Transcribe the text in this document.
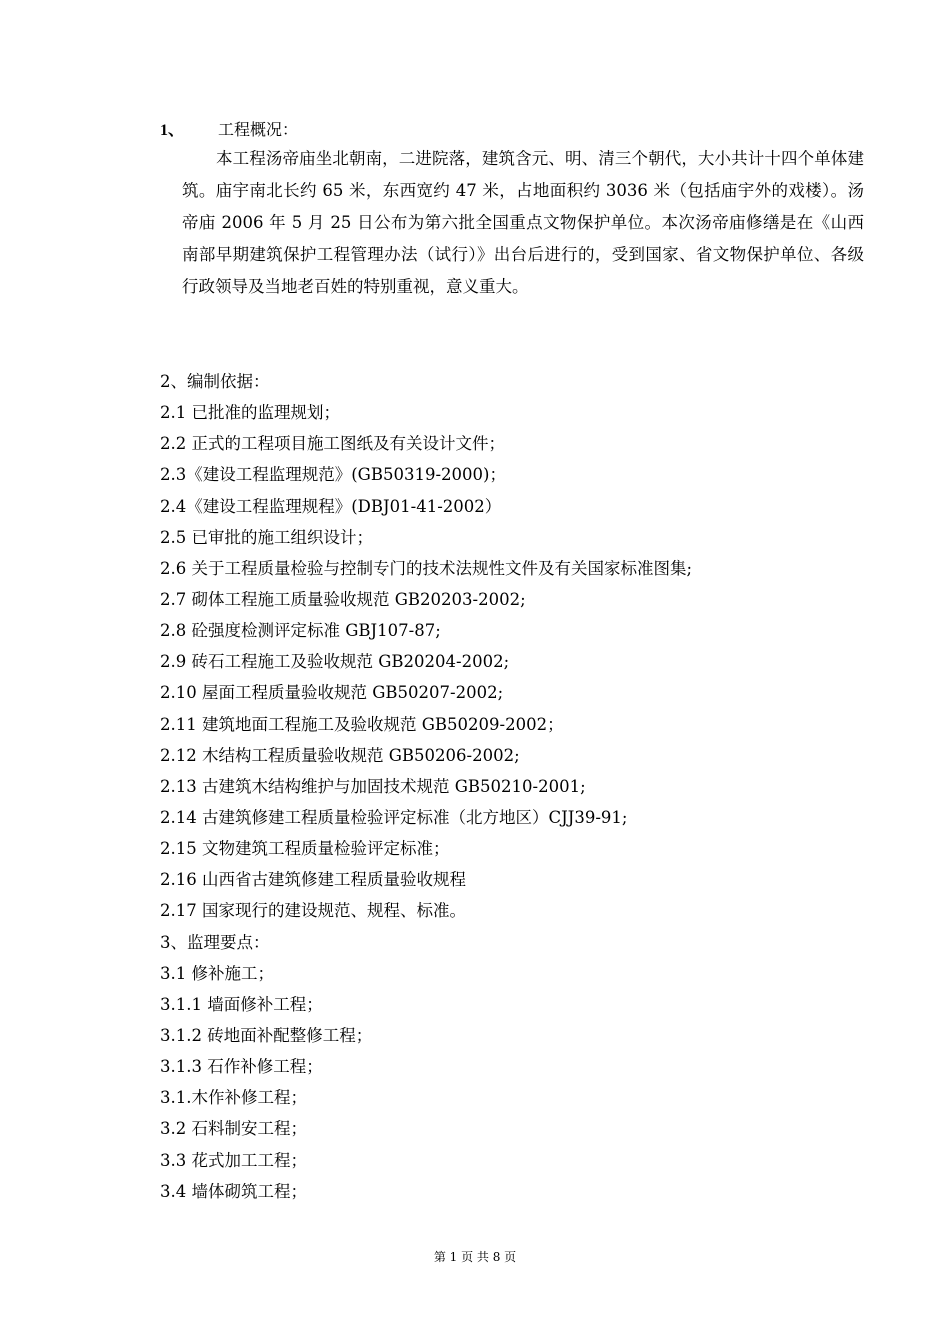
1、 工程概况：
本工程汤帝庙坐北朝南，二进院落，建筑含元、明、清三个朝代，大小共计十四个单体建筑。庙宇南北长约 65 米，东西宽约 47 米，占地面积约 3036 米（包括庙宇外的戏楼）。汤帝庙 2006 年 5 月 25 日公布为第六批全国重点文物保护单位。本次汤帝庙修缮是在《山西南部早期建筑保护工程管理办法（试行）》出台后进行的，受到国家、省文物保护单位、各级行政领导及当地老百姓的特别重视，意义重大。
2、编制依据：
2.1 已批准的监理规划；
2.2 正式的工程项目施工图纸及有关设计文件；
2.3《建设工程监理规范》(GB50319-2000)；
2.4《建设工程监理规程》(DBJ01-41-2002）
2.5 已审批的施工组织设计；
2.6 关于工程质量检验与控制专门的技术法规性文件及有关国家标准图集;
2.7 砌体工程施工质量验收规范 GB20203-2002;
2.8 砼强度检测评定标准 GBJ107-87;
2.9 砖石工程施工及验收规范 GB20204-2002;
2.10 屋面工程质量验收规范 GB50207-2002;
2.11 建筑地面工程施工及验收规范 GB50209-2002；
2.12 木结构工程质量验收规范 GB50206-2002;
2.13 古建筑木结构维护与加固技术规范 GB50210-2001;
2.14 古建筑修建工程质量检验评定标准（北方地区）CJJ39-91;
2.15 文物建筑工程质量检验评定标准；
2.16 山西省古建筑修建工程质量验收规程
2.17 国家现行的建设规范、规程、标准。
3、监理要点：
3.1 修补施工；
3.1.1 墙面修补工程；
3.1.2 砖地面补配整修工程；
3.1.3 石作补修工程；
3.1.木作补修工程；
3.2 石料制安工程；
3.3 花式加工工程；
3.4 墙体砌筑工程；
第 1 页 共 8 页
